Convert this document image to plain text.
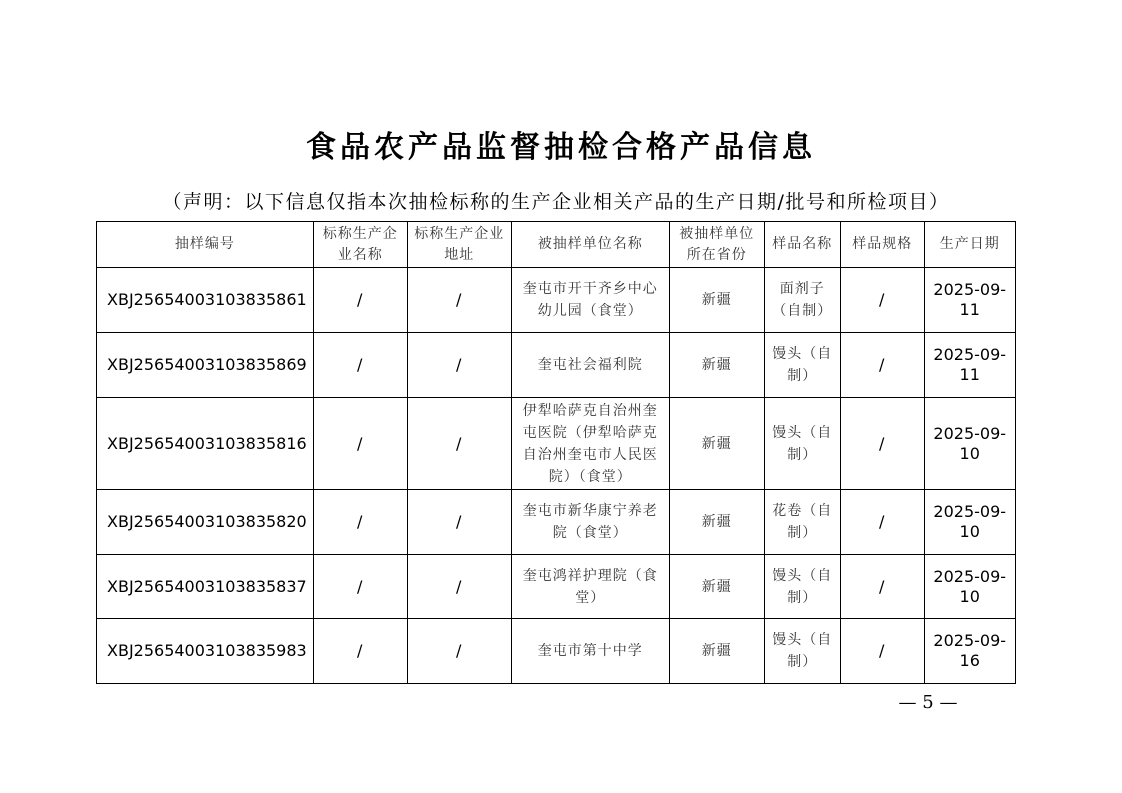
食品农产品监督抽检合格产品信息
（声明：以下信息仅指本次抽检标称的生产企业相关产品的生产日期/批号和所检项目）
抽样编号	标称生产企业名称	标称生产企业地址	被抽样单位名称	被抽样单位所在省份	样品名称	样品规格	生产日期
XBJ25654003103835861	/	/	奎屯市开干齐乡中心幼儿园（食堂）	新疆	面剂子（自制）	/	2025-09-11
XBJ25654003103835869	/	/	奎屯社会福利院	新疆	馒头（自制）	/	2025-09-11
XBJ25654003103835816	/	/	伊犁哈萨克自治州奎屯医院（伊犁哈萨克自治州奎屯市人民医院）（食堂）	新疆	馒头（自制）	/	2025-09-10
XBJ25654003103835820	/	/	奎屯市新华康宁养老院（食堂）	新疆	花卷（自制）	/	2025-09-10
XBJ25654003103835837	/	/	奎屯鸿祥护理院（食堂）	新疆	馒头（自制）	/	2025-09-10
XBJ25654003103835983	/	/	奎屯市第十中学	新疆	馒头（自制）	/	2025-09-16
— 5 —
